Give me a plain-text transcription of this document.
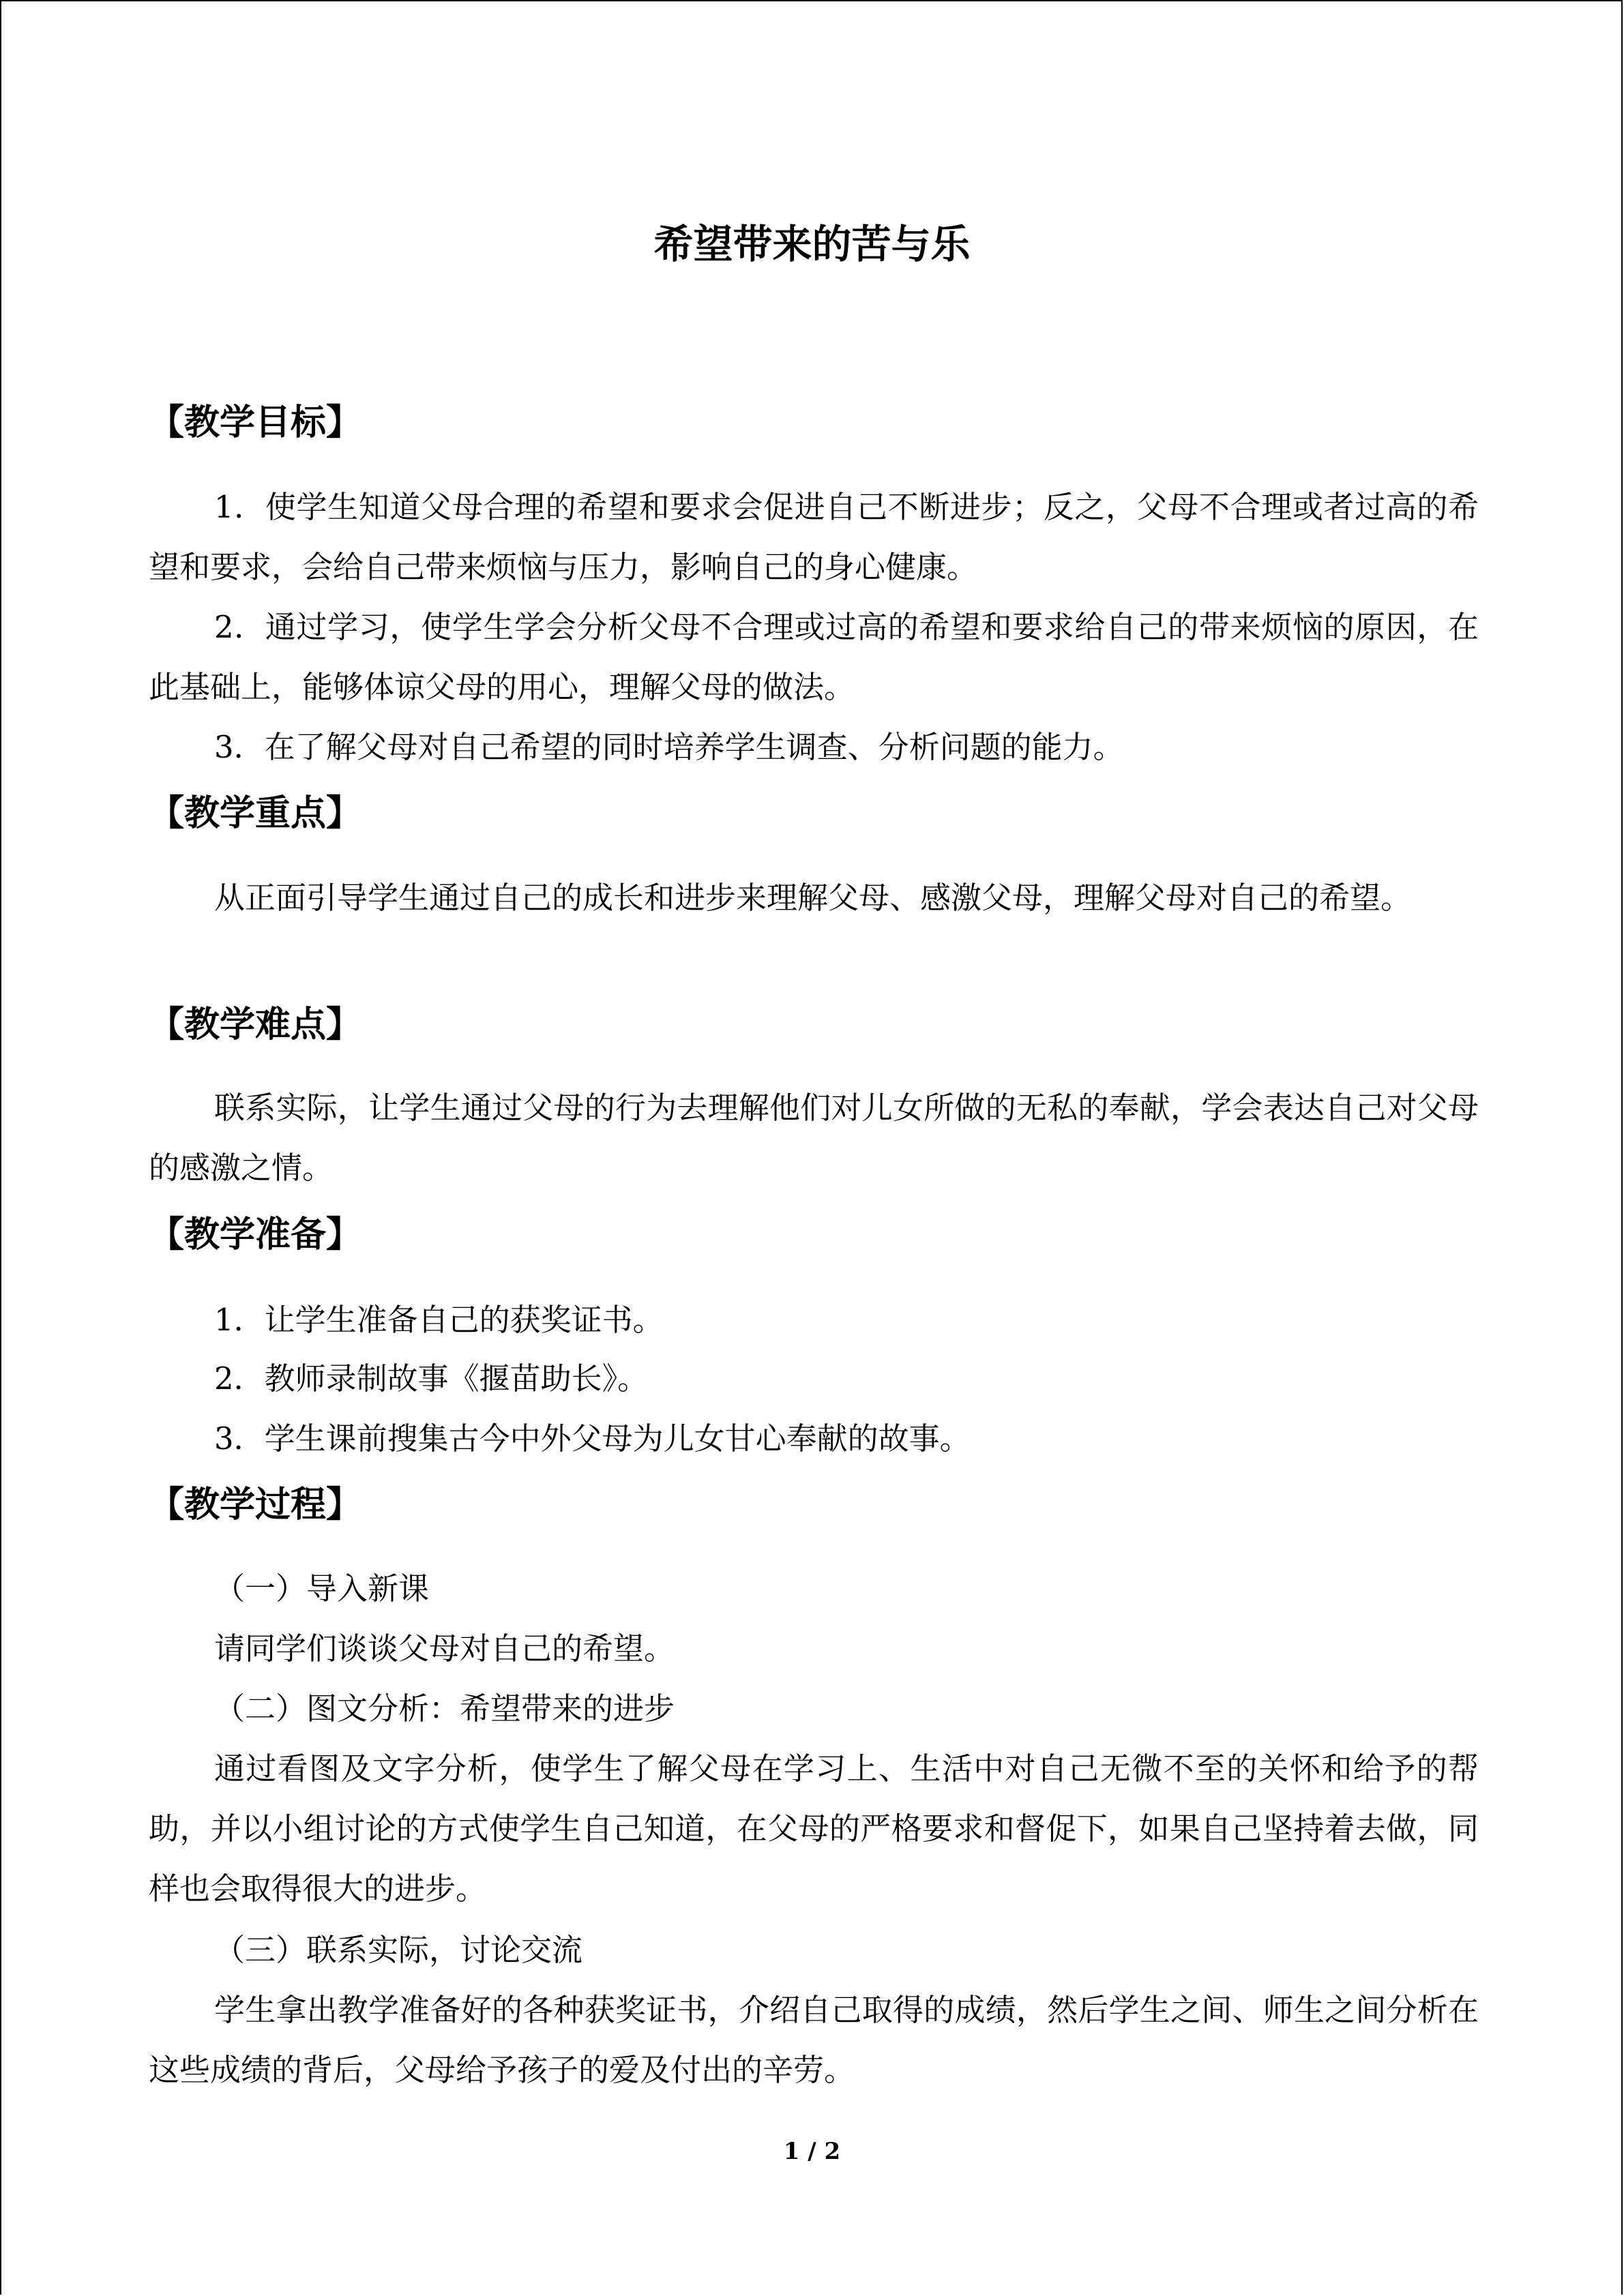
希望带来的苦与乐
【教学目标】

1．使学生知道父母合理的希望和要求会促进自己不断进步；反之，父母不合理或者过高的希望和要求，会给自己带来烦恼与压力，影响自己的身心健康。

2．通过学习，使学生学会分析父母不合理或过高的希望和要求给自己的带来烦恼的原因，在此基础上，能够体谅父母的用心，理解父母的做法。

3．在了解父母对自己希望的同时培养学生调查、分析问题的能力。

【教学重点】

从正面引导学生通过自己的成长和进步来理解父母、感激父母，理解父母对自己的希望。

【教学难点】

联系实际，让学生通过父母的行为去理解他们对儿女所做的无私的奉献，学会表达自己对父母的感激之情。

【教学准备】

1．让学生准备自己的获奖证书。

2．教师录制故事《揠苗助长》。

3．学生课前搜集古今中外父母为儿女甘心奉献的故事。

【教学过程】

（一）导入新课

请同学们谈谈父母对自己的希望。

（二）图文分析：希望带来的进步

通过看图及文字分析，使学生了解父母在学习上、生活中对自己无微不至的关怀和给予的帮助，并以小组讨论的方式使学生自己知道，在父母的严格要求和督促下，如果自己坚持着去做，同样也会取得很大的进步。

（三）联系实际，讨论交流

学生拿出教学准备好的各种获奖证书，介绍自己取得的成绩，然后学生之间、师生之间分析在这些成绩的背后，父母给予孩子的爱及付出的辛劳。

1 / 2
